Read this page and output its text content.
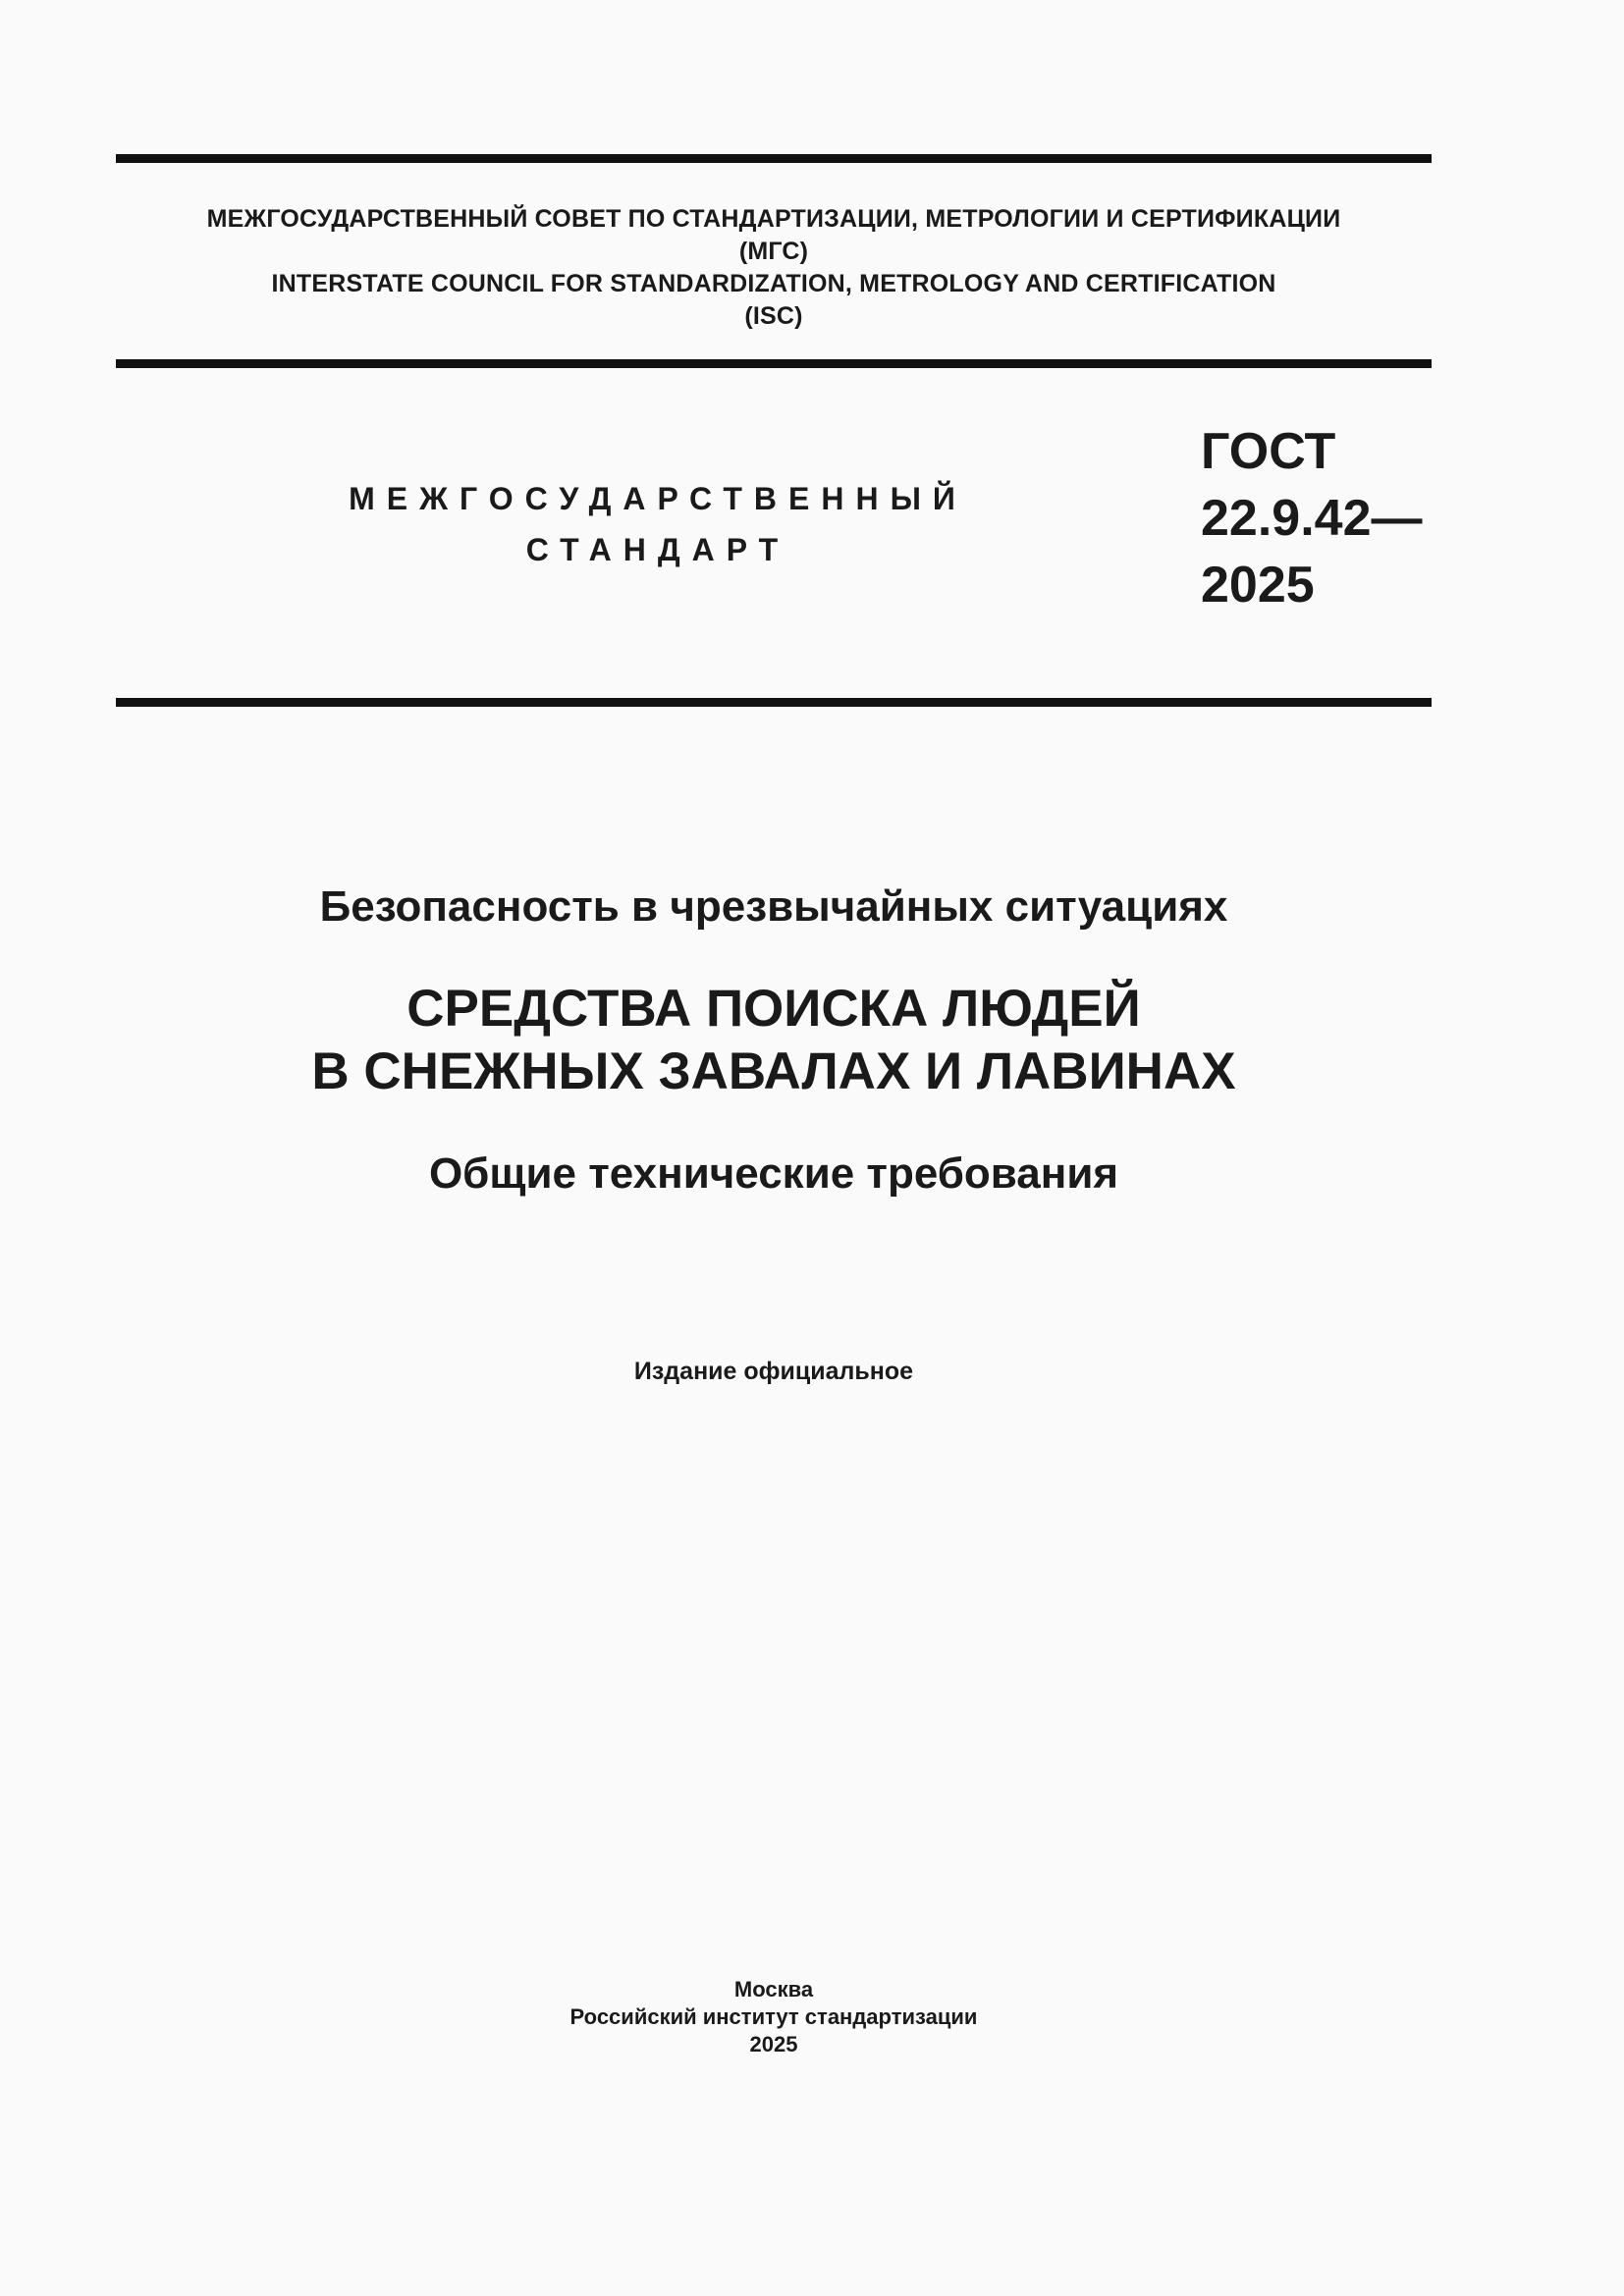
МЕЖГОСУДАРСТВЕННЫЙ СОВЕТ ПО СТАНДАРТИЗАЦИИ, МЕТРОЛОГИИ И СЕРТИФИКАЦИИ
(МГС)
INTERSTATE COUNCIL FOR STANDARDIZATION, METROLOGY AND CERTIFICATION
(ISC)
МЕЖГОСУДАРСТВЕННЫЙ
СТАНДАРТ
ГОСТ
22.9.42—
2025
Безопасность в чрезвычайных ситуациях
СРЕДСТВА ПОИСКА ЛЮДЕЙ
В СНЕЖНЫХ ЗАВАЛАХ И ЛАВИНАХ
Общие технические требования
Издание официальное
Москва
Российский институт стандартизации
2025
